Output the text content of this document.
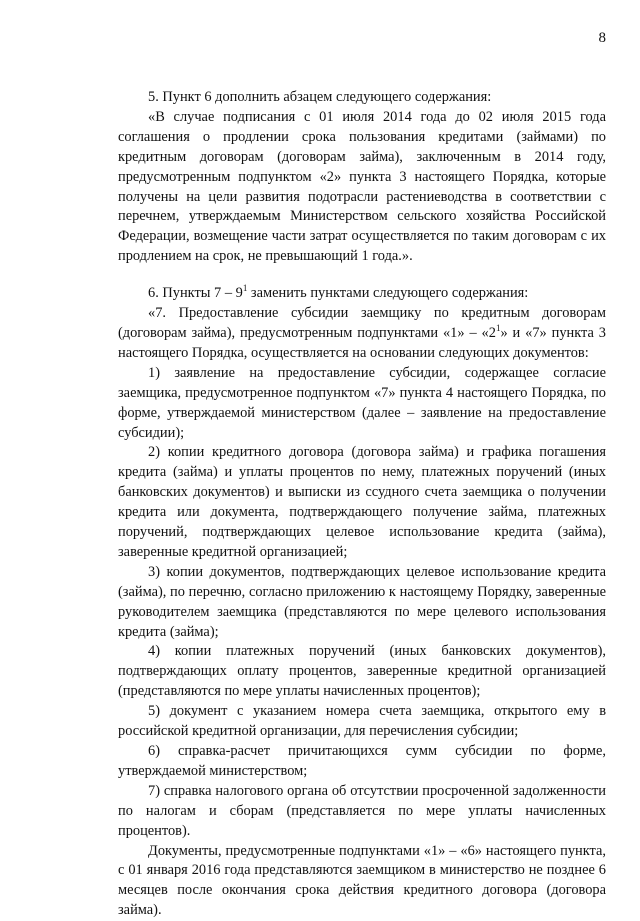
8

5. Пункт 6 дополнить абзацем следующего содержания:

«В случае подписания с 01 июля 2014 года до 02 июля 2015 года соглашения о продлении срока пользования кредитами (займами) по кредитным договорам (договорам займа), заключенным в 2014 году, предусмотренным подпунктом «2» пункта 3 настоящего Порядка, которые получены на цели развития подотрасли растениеводства в соответствии с перечнем, утверждаемым Министерством сельского хозяйства Российской Федерации, возмещение части затрат осуществляется по таким договорам с их продлением на срок, не превышающий 1 года.».

6. Пункты $7 - 9^1$ заменить пунктами следующего содержания:

«7. Предоставление субсидии заемщику по кредитным договорам (договорам займа), предусмотренным подпунктами «1» – «$2^1$» и «7» пункта 3 настоящего Порядка, осуществляется на основании следующих документов:

1) заявление на предоставление субсидии, содержащее согласие заемщика, предусмотренное подпунктом «7» пункта 4 настоящего Порядка, по форме, утверждаемой министерством (далее – заявление на предоставление субсидии);

2) копии кредитного договора (договора займа) и графика погашения кредита (займа) и уплаты процентов по нему, платежных поручений (иных банковских документов) и выписки из ссудного счета заемщика о получении кредита или документа, подтверждающего получение займа, платежных поручений, подтверждающих целевое использование кредита (займа), заверенные кредитной организацией;

3) копии документов, подтверждающих целевое использование кредита (займа), по перечню, согласно приложению к настоящему Порядку, заверенные руководителем заемщика (представляются по мере целевого использования кредита (займа);

4) копии платежных поручений (иных банковских документов), подтверждающих оплату процентов, заверенные кредитной организацией (представляются по мере уплаты начисленных процентов);

5) документ с указанием номера счета заемщика, открытого ему в российской кредитной организации, для перечисления субсидии;

6) справка-расчет причитающихся сумм субсидии по форме, утверждаемой министерством;

7) справка налогового органа об отсутствии просроченной задолженности по налогам и сборам (представляется по мере уплаты начисленных процентов).

Документы, предусмотренные подпунктами «1» – «6» настоящего пункта, с 01 января 2016 года представляются заемщиком в министерство не позднее 6 месяцев после окончания срока действия кредитного договора (договора займа).
